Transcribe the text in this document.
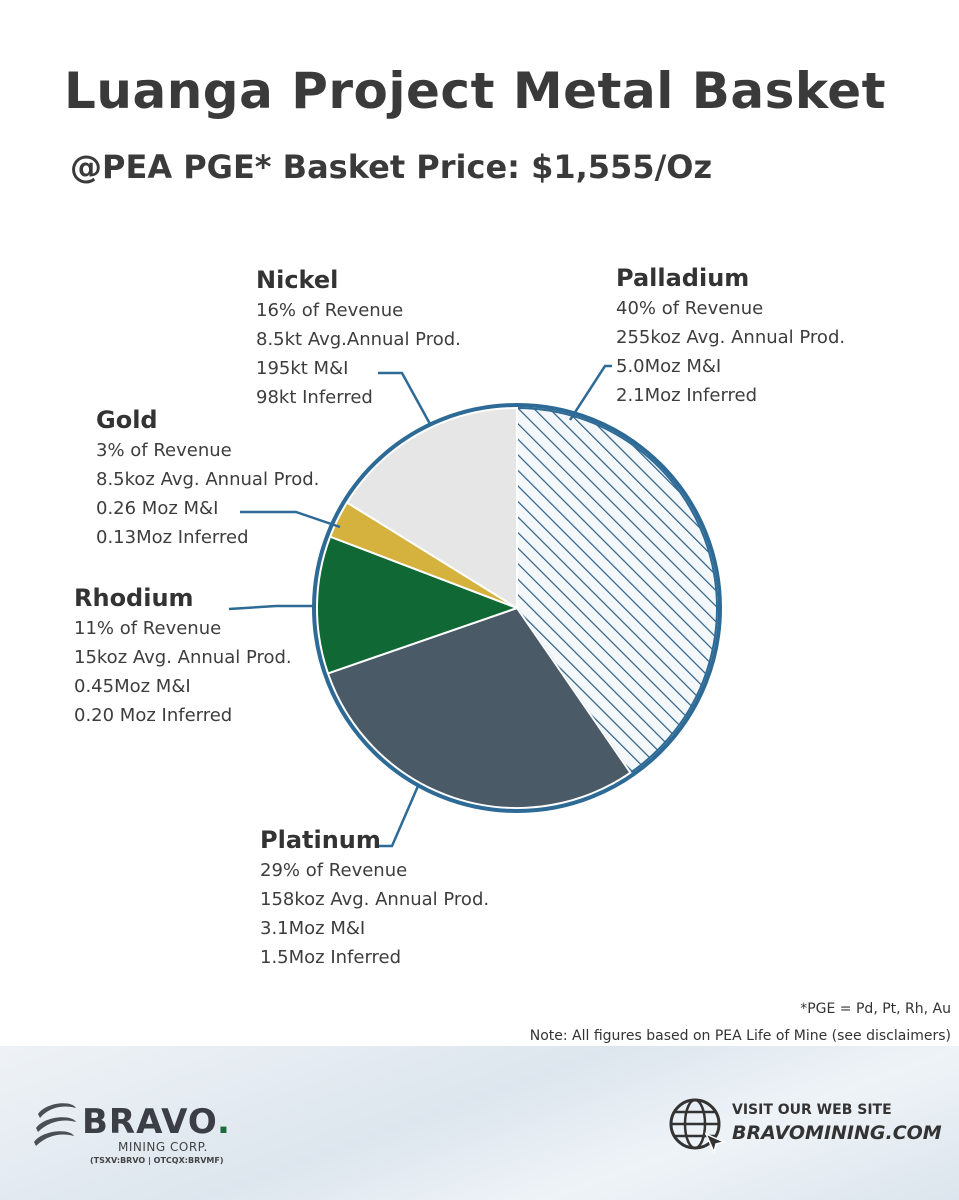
Luanga Project Metal Basket
@PEA PGE* Basket Price: $1,555/Oz
Nickel
16% of Revenue
8.5kt Avg.Annual Prod.
195kt M&I
98kt Inferred
Palladium
40% of Revenue
255koz Avg. Annual Prod.
5.0Moz M&I
2.1Moz Inferred
Gold
3% of Revenue
8.5koz Avg. Annual Prod.
0.26 Moz M&I
0.13Moz Inferred
Rhodium
11% of Revenue
15koz Avg. Annual Prod.
0.45Moz M&I
0.20 Moz Inferred
Platinum
29% of Revenue
158koz Avg. Annual Prod.
3.1Moz M&I
1.5Moz Inferred
*PGE = Pd, Pt, Rh, Au
Note: All figures based on PEA Life of Mine (see disclaimers)
BRAVO.
MINING CORP.
(TSXV:BRVO | OTCQX:BRVMF)
VISIT OUR WEB SITE
BRAVOMINING.COM
